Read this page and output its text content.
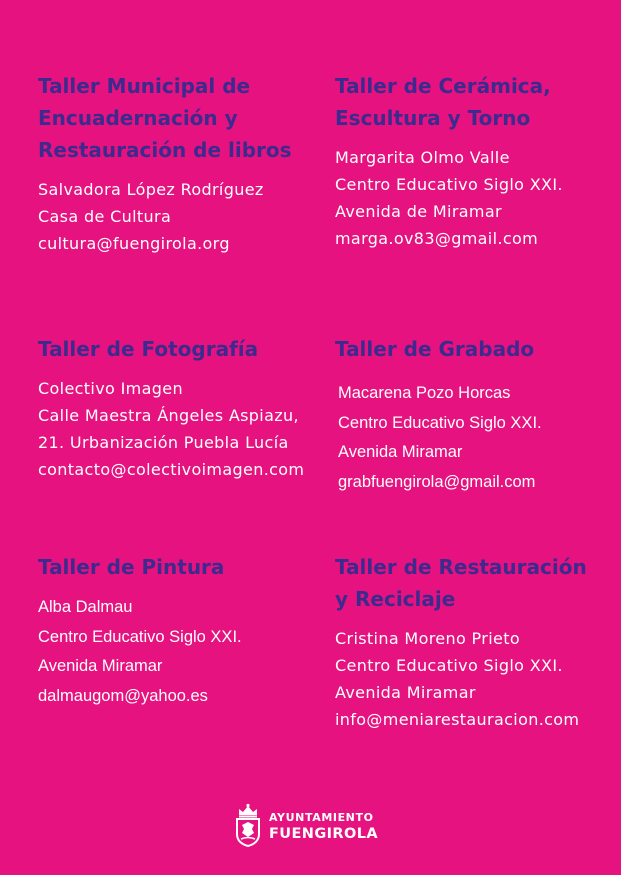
Taller Municipal de
Encuadernación y
Restauración de libros
Salvadora López Rodríguez
Casa de Cultura
cultura@fuengirola.org
Taller de Cerámica,
Escultura y Torno
Margarita Olmo Valle
Centro Educativo Siglo XXI.
Avenida de Miramar
marga.ov83@gmail.com
Taller de Fotografía
Colectivo Imagen
Calle Maestra Ángeles Aspiazu,
21. Urbanización Puebla Lucía
contacto@colectivoimagen.com
Taller de Grabado
Macarena Pozo Horcas
Centro Educativo Siglo XXI.
Avenida Miramar
grabfuengirola@gmail.com
Taller de Pintura
Alba Dalmau
Centro Educativo Siglo XXI.
Avenida Miramar
dalmaugom@yahoo.es
Taller de Restauración
y Reciclaje
Cristina Moreno Prieto
Centro Educativo Siglo XXI.
Avenida Miramar
info@meniarestauracion.com
AYUNTAMIENTO
FUENGIROLA
